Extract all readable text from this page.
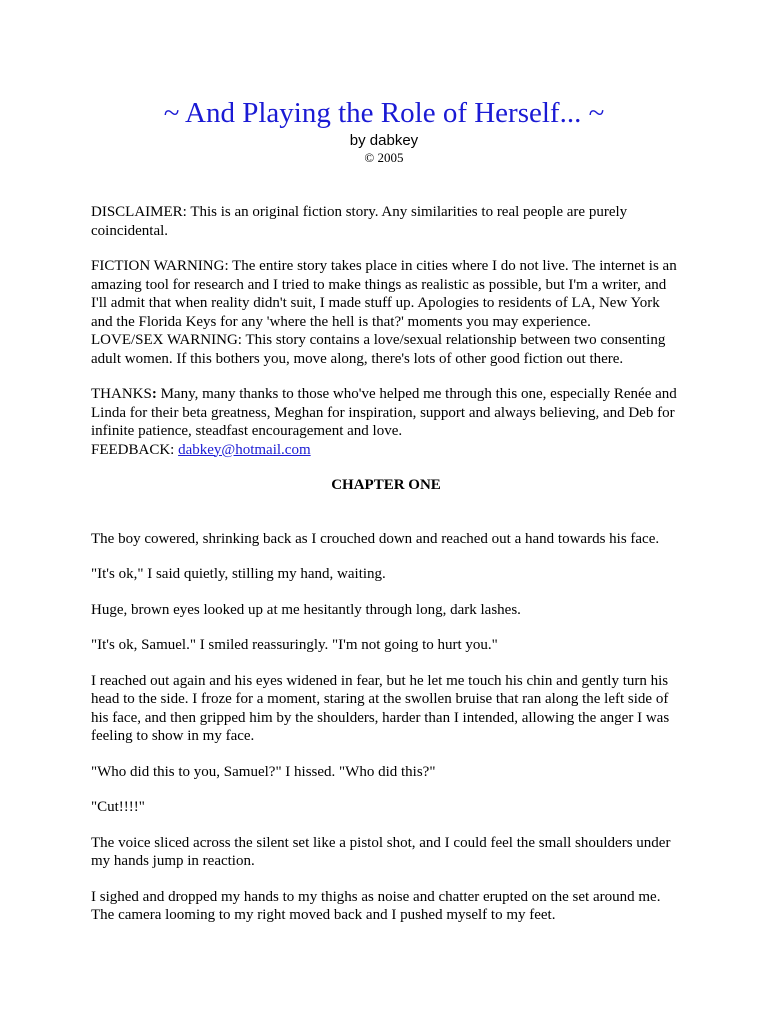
~ And Playing the Role of Herself... ~
by dabkey
© 2005

DISCLAIMER: This is an original fiction story. Any similarities to real people are purely coincidental.

FICTION WARNING: The entire story takes place in cities where I do not live. The internet is an amazing tool for research and I tried to make things as realistic as possible, but I'm a writer, and I'll admit that when reality didn't suit, I made stuff up. Apologies to residents of LA, New York and the Florida Keys for any 'where the hell is that?' moments you may experience.

LOVE/SEX WARNING: This story contains a love/sexual relationship between two consenting adult women. If this bothers you, move along, there's lots of other good fiction out there.

THANKS: Many, many thanks to those who've helped me through this one, especially Renée and Linda for their beta greatness, Meghan for inspiration, support and always believing, and Deb for infinite patience, steadfast encouragement and love.

FEEDBACK: dabkey@hotmail.com

CHAPTER ONE

The boy cowered, shrinking back as I crouched down and reached out a hand towards his face.

"It's ok," I said quietly, stilling my hand, waiting.

Huge, brown eyes looked up at me hesitantly through long, dark lashes.

"It's ok, Samuel." I smiled reassuringly. "I'm not going to hurt you."

I reached out again and his eyes widened in fear, but he let me touch his chin and gently turn his head to the side. I froze for a moment, staring at the swollen bruise that ran along the left side of his face, and then gripped him by the shoulders, harder than I intended, allowing the anger I was feeling to show in my face.

"Who did this to you, Samuel?" I hissed. "Who did this?"

"Cut!!!!"

The voice sliced across the silent set like a pistol shot, and I could feel the small shoulders under my hands jump in reaction.

I sighed and dropped my hands to my thighs as noise and chatter erupted on the set around me. The camera looming to my right moved back and I pushed myself to my feet.
